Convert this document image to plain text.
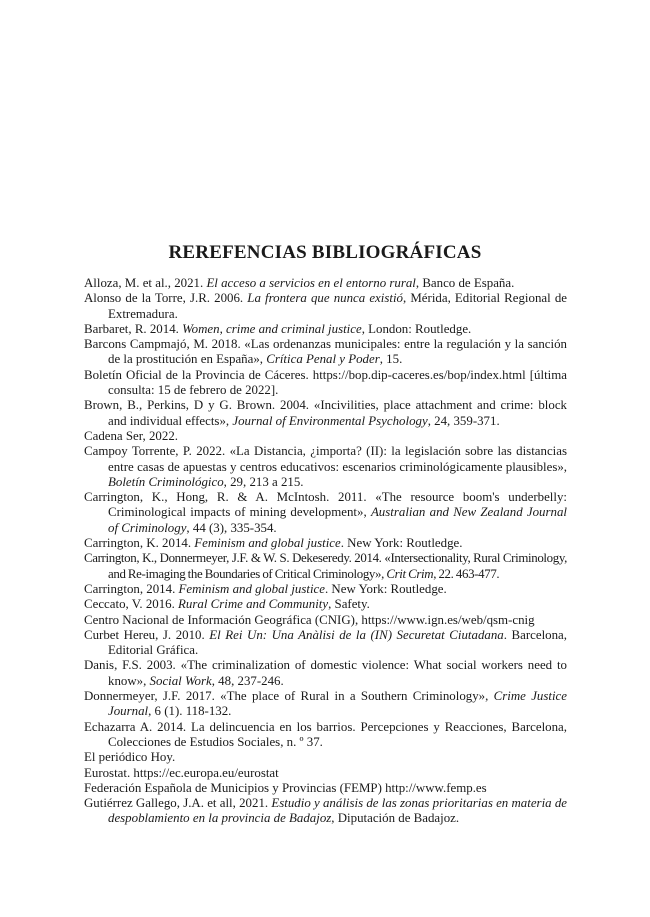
REREFENCIAS BIBLIOGRÁFICAS
Alloza, M. et al., 2021. El acceso a servicios en el entorno rural, Banco de España.
Alonso de la Torre, J.R. 2006. La frontera que nunca existió, Mérida, Editorial Regional de Extremadura.
Barbaret, R. 2014. Women, crime and criminal justice, London: Routledge.
Barcons Campmajó, M. 2018. «Las ordenanzas municipales: entre la regulación y la sanción de la prostitución en España», Crítica Penal y Poder, 15.
Boletín Oficial de la Provincia de Cáceres. https://bop.dip-caceres.es/bop/index.html [última consulta: 15 de febrero de 2022].
Brown, B., Perkins, D y G. Brown. 2004. «Incivilities, place attachment and crime: block and individual effects», Journal of Environmental Psychology, 24, 359-371.
Cadena Ser, 2022.
Campoy Torrente, P. 2022. «La Distancia, ¿importa? (II): la legislación sobre las distancias entre casas de apuestas y centros educativos: escenarios criminológicamente plausibles», Boletín Criminológico, 29, 213 a 215.
Carrington, K., Hong, R. & A. McIntosh. 2011. «The resource boom's underbelly: Criminological impacts of mining development», Australian and New Zealand Journal of Criminology, 44 (3), 335-354.
Carrington, K. 2014. Feminism and global justice. New York: Routledge.
Carrington, K., Donnermeyer, J.F. & W. S. Dekeseredy. 2014. «Intersectionality, Rural Criminology, and Re-imaging the Boundaries of Critical Criminology», Crit Crim, 22. 463-477.
Carrington, 2014. Feminism and global justice. New York: Routledge.
Ceccato, V. 2016. Rural Crime and Community, Safety.
Centro Nacional de Información Geográfica (CNIG), https://www.ign.es/web/qsm-cnig
Curbet Hereu, J. 2010. El Rei Un: Una Anàlisi de la (IN) Securetat Ciutadana. Barcelona, Editorial Gráfica.
Danis, F.S. 2003. «The criminalization of domestic violence: What social workers need to know», Social Work, 48, 237-246.
Donnermeyer, J.F. 2017. «The place of Rural in a Southern Criminology», Crime Justice Journal, 6 (1). 118-132.
Echazarra A. 2014. La delincuencia en los barrios. Percepciones y Reacciones, Barcelona, Colecciones de Estudios Sociales, n. º 37.
El periódico Hoy.
Eurostat. https://ec.europa.eu/eurostat
Federación Española de Municipios y Provincias (FEMP) http://www.femp.es
Gutiérrez Gallego, J.A. et all, 2021. Estudio y análisis de las zonas prioritarias en materia de despoblamiento en la provincia de Badajoz, Diputación de Badajoz.
